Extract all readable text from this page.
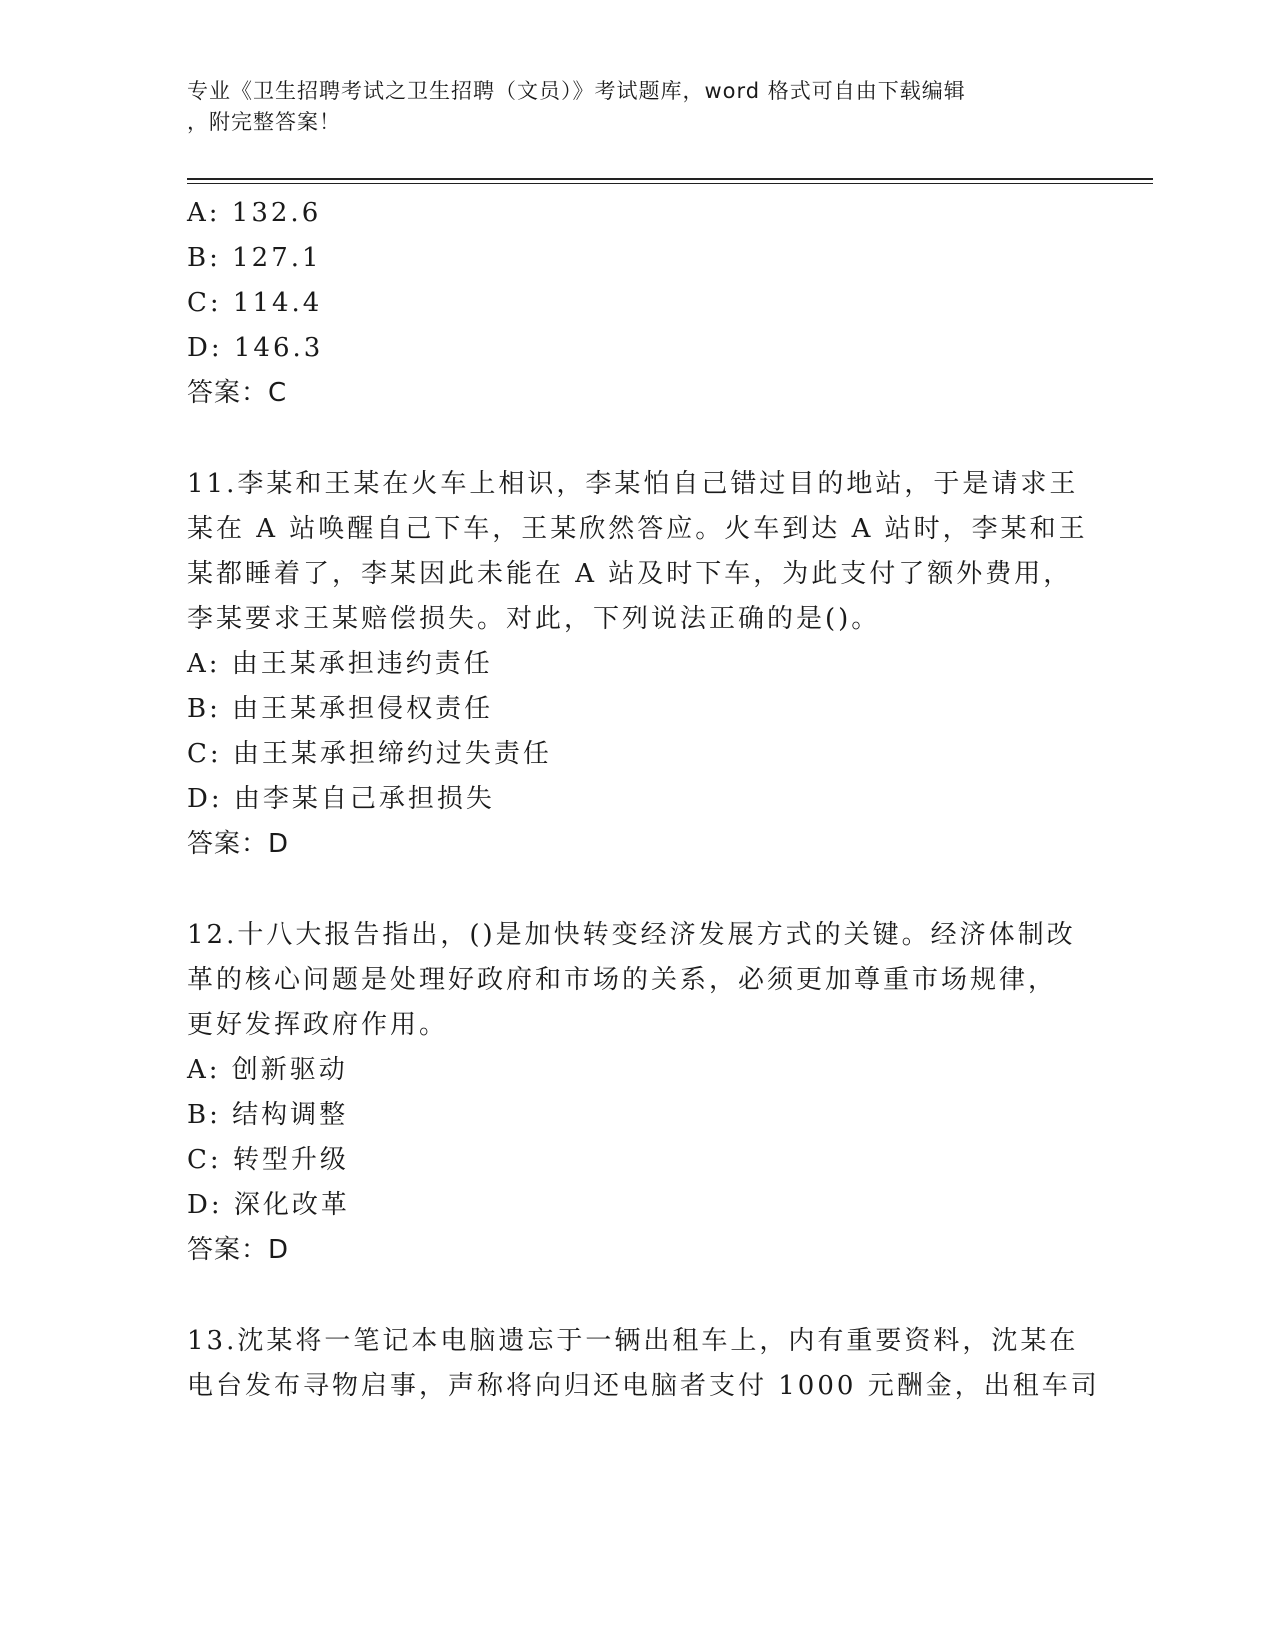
专业《卫生招聘考试之卫生招聘（文员）》考试题库，word 格式可自由下载编辑
，附完整答案！
A: 132.6
B: 127.1
C: 114.4
D: 146.3
答案：C
11.李某和王某在火车上相识，李某怕自己错过目的地站，于是请求王
某在 A 站唤醒自己下车，王某欣然答应。火车到达 A 站时，李某和王
某都睡着了，李某因此未能在 A 站及时下车，为此支付了额外费用，
李某要求王某赔偿损失。对此，下列说法正确的是()。
A: 由王某承担违约责任
B: 由王某承担侵权责任
C: 由王某承担缔约过失责任
D: 由李某自己承担损失
答案：D
12.十八大报告指出，()是加快转变经济发展方式的关键。经济体制改
革的核心问题是处理好政府和市场的关系，必须更加尊重市场规律，
更好发挥政府作用。
A: 创新驱动
B: 结构调整
C: 转型升级
D: 深化改革
答案：D
13.沈某将一笔记本电脑遗忘于一辆出租车上，内有重要资料，沈某在
电台发布寻物启事，声称将向归还电脑者支付 1000 元酬金，出租车司
